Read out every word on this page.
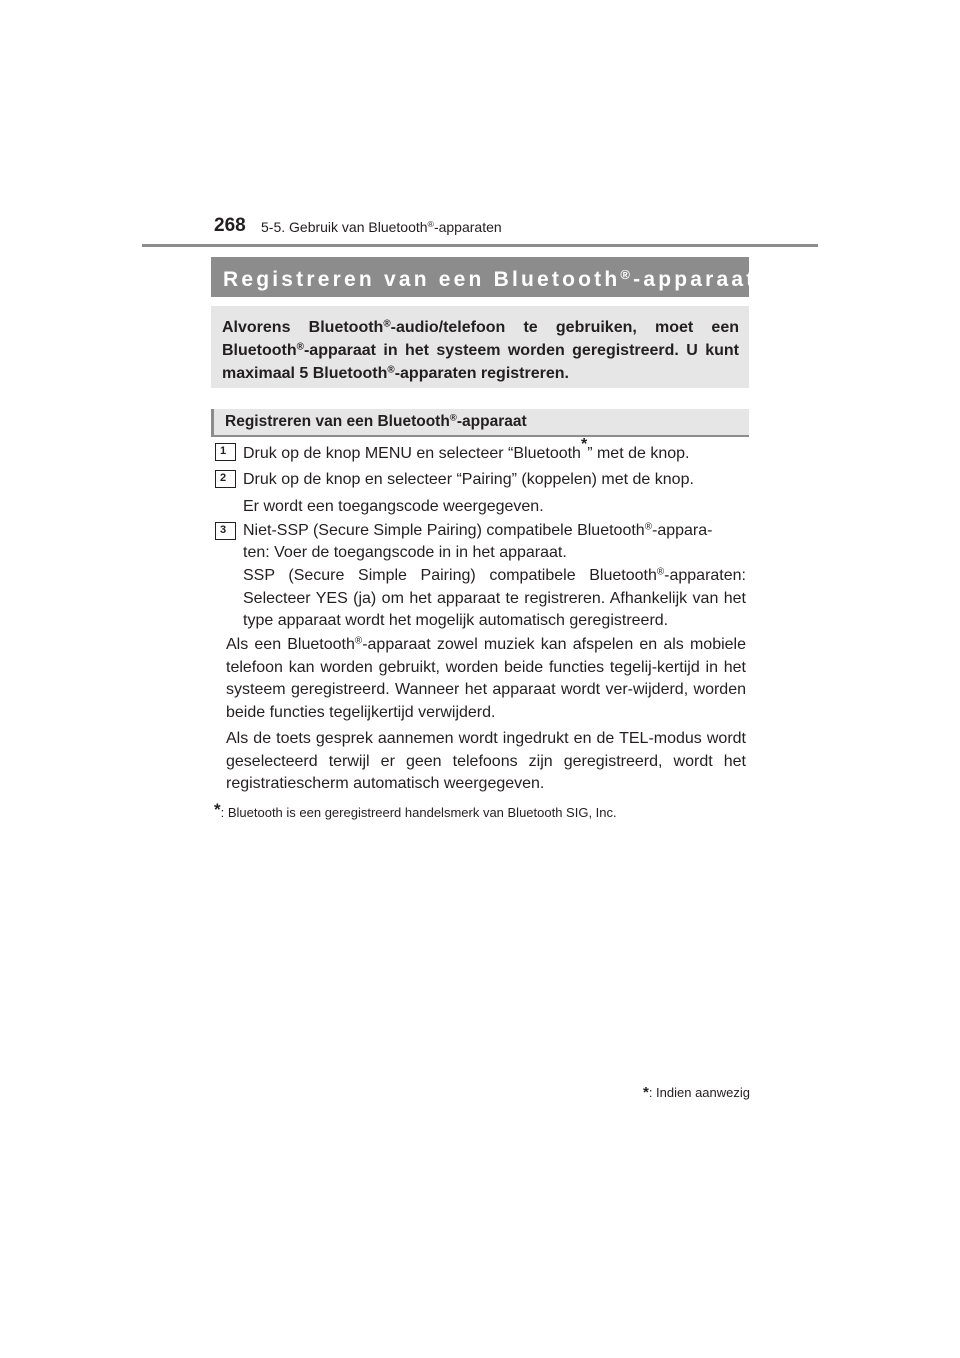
268 5-5. Gebruik van Bluetooth®-apparaten
Registreren van een Bluetooth®-apparaat *
Alvorens Bluetooth®-audio/telefoon te gebruiken, moet een Bluetooth®-apparaat in het systeem worden geregistreerd. U kunt maximaal 5 Bluetooth®-apparaten registreren.
Registreren van een Bluetooth®-apparaat
1	Druk op de knop MENU en selecteer “Bluetooth*” met de knop.
2	Druk op de knop en selecteer “Pairing” (koppelen) met de knop.
Er wordt een toegangscode weergegeven.
3	Niet-SSP (Secure Simple Pairing) compatibele Bluetooth®-appara-
ten: Voer de toegangscode in in het apparaat.
SSP (Secure Simple Pairing) compatibele Bluetooth®-apparaten: Selecteer YES (ja) om het apparaat te registreren. Afhankelijk van het type apparaat wordt het mogelijk automatisch geregistreerd.
Als een Bluetooth®-apparaat zowel muziek kan afspelen en als mobiele telefoon kan worden gebruikt, worden beide functies tegelij-kertijd in het systeem geregistreerd. Wanneer het apparaat wordt ver-wijderd, worden beide functies tegelijkertijd verwijderd.
Als de toets gesprek aannemen wordt ingedrukt en de TEL-modus wordt geselecteerd terwijl er geen telefoons zijn geregistreerd, wordt het registratiescherm automatisch weergegeven.
*: Bluetooth is een geregistreerd handelsmerk van Bluetooth SIG, Inc.
*: Indien aanwezig
